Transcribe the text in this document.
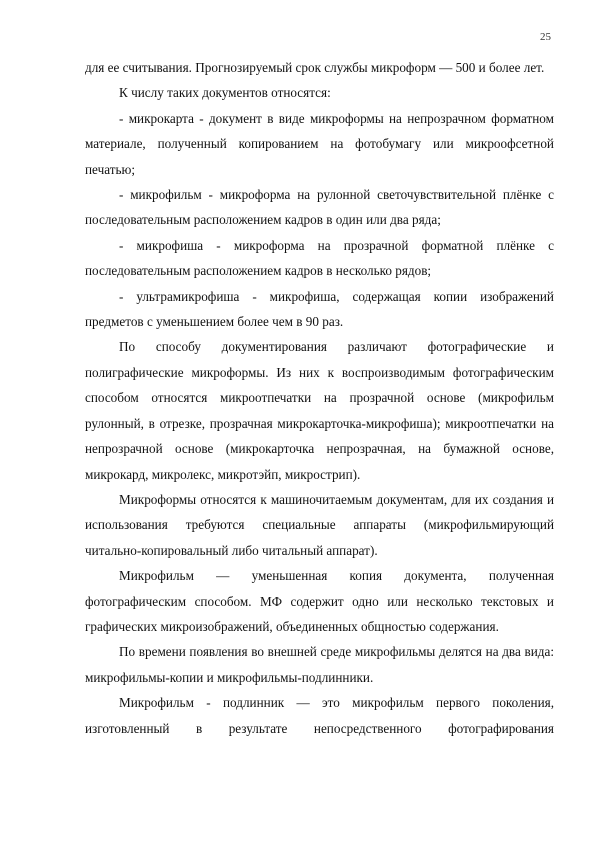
25

для ее считывания. Прогнозируемый срок службы микроформ — 500 и более лет.

К числу таких документов относятся:

- микрокарта - документ в виде микроформы на непрозрачном форматном материале, полученный копированием на фотобумагу или микроофсетной печатью;

- микрофильм - микроформа на рулонной светочувствительной плёнке с последовательным расположением кадров в один или два ряда;

- микрофиша - микроформа на прозрачной форматной плёнке с последовательным расположением кадров в несколько рядов;

- ультрамикрофиша - микрофиша, содержащая копии изображений предметов с уменьшением более чем в 90 раз.

По способу документирования различают фотографические и полиграфические микроформы. Из них к воспроизводимым фотографическим способом относятся микроотпечатки на прозрачной основе (микрофильм рулонный, в отрезке, прозрачная микрокарточка-микрофиша); микроотпечатки на непрозрачной основе (микрокарточка непрозрачная, на бумажной основе, микрокард, микролекс, микротэйп, микрострип).

Микроформы относятся к машиночитаемым документам, для их создания и использования требуются специальные аппараты (микрофильмирующий читально-копировальный либо читальный аппарат).

Микрофильм — уменьшенная копия документа, полученная фотографическим способом. МФ содержит одно или несколько текстовых и графических микроизображений, объединенных общностью содержания.

По времени появления во внешней среде микрофильмы делятся на два вида: микрофильмы-копии и микрофильмы-подлинники.

Микрофильм - подлинник — это микрофильм первого поколения, изготовленный в результате непосредственного фотографирования
